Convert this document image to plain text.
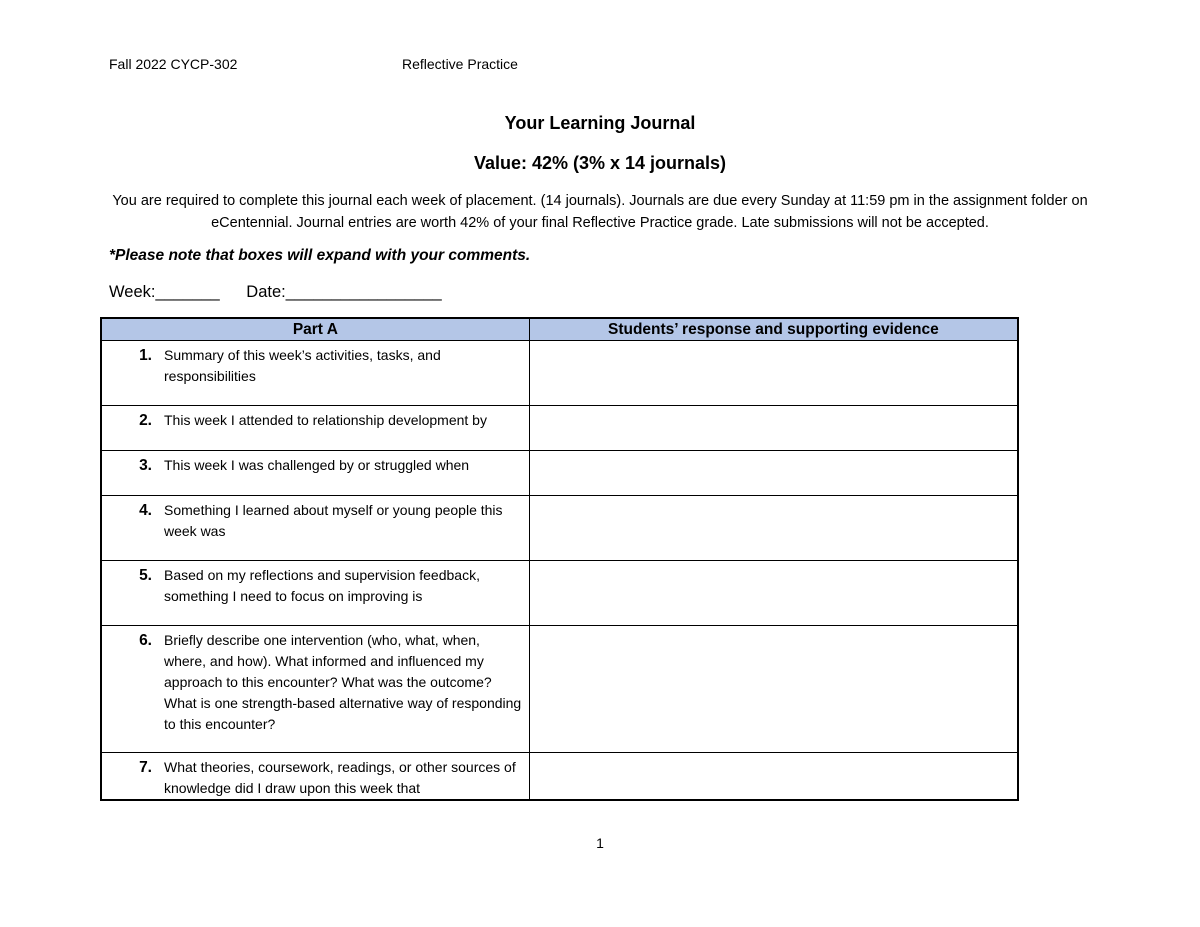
Fall 2022 CYCP-302	Reflective Practice
Your Learning Journal
Value: 42% (3% x 14 journals)
You are required to complete this journal each week of placement. (14 journals). Journals are due every Sunday at 11:59 pm in the assignment folder on eCentennial. Journal entries are worth 42% of your final Reflective Practice grade. Late submissions will not be accepted.
*Please note that boxes will expand with your comments.
Week:_______ Date:_________________
Part A	Students’ response and supporting evidence

1. Summary of this week’s activities, tasks, and responsibilities	

2. This week I attended to relationship development by	

3. This week I was challenged by or struggled when	

4. Something I learned about myself or young people this week was	

5. Based on my reflections and supervision feedback, something I need to focus on improving is	

6. Briefly describe one intervention (who, what, when, where, and how). What informed and influenced my approach to this encounter? What was the outcome? What is one strength-based alternative way of responding to this encounter?	

7. What theories, coursework, readings, or other sources of knowledge did I draw upon this week that	

1
